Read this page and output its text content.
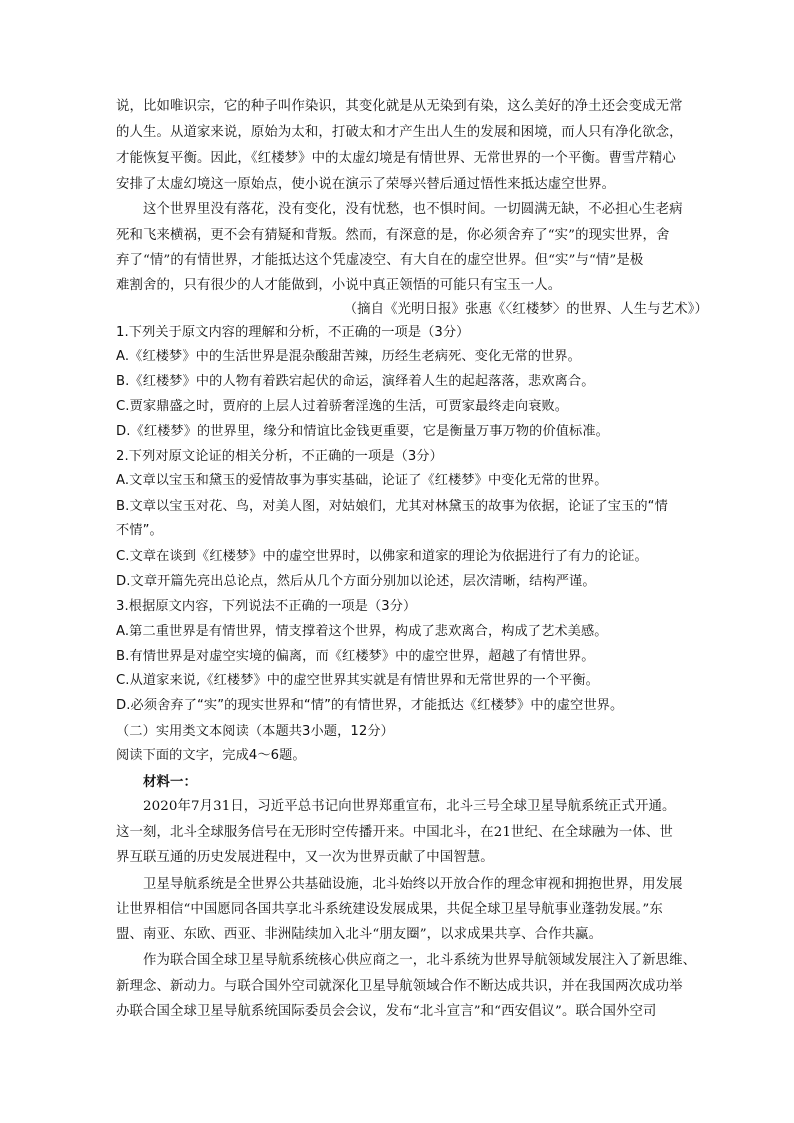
说，比如唯识宗，它的种子叫作染识，其变化就是从无染到有染，这么美好的净土还会变成无常
的人生。从道家来说，原始为太和，打破太和才产生出人生的发展和困境，而人只有净化欲念，
才能恢复平衡。因此，《红楼梦》中的太虚幻境是有情世界、无常世界的一个平衡。曹雪芹精心
安排了太虚幻境这一原始点，使小说在演示了荣辱兴替后通过悟性来抵达虚空世界。
这个世界里没有落花，没有变化，没有忧愁，也不惧时间。一切圆满无缺，不必担心生老病
死和飞来横祸，更不会有猜疑和背叛。然而，有深意的是，你必须舍弃了“实”的现实世界，舍
弃了“情”的有情世界，才能抵达这个凭虚凌空、有大自在的虚空世界。但“实”与“情”是极
难割舍的，只有很少的人才能做到，小说中真正领悟的可能只有宝玉一人。
（摘自《光明日报》张惠《〈红楼梦〉的世界、人生与艺术》）
1.下列关于原文内容的理解和分析，不正确的一项是（3分）
A.《红楼梦》中的生活世界是混杂酸甜苦辣，历经生老病死、变化无常的世界。
B.《红楼梦》中的人物有着跌宕起伏的命运，演绎着人生的起起落落，悲欢离合。
C.贾家鼎盛之时，贾府的上层人过着骄奢淫逸的生活，可贾家最终走向衰败。
D.《红楼梦》的世界里，缘分和情谊比金钱更重要，它是衡量万事万物的价值标准。
2.下列对原文论证的相关分析，不正确的一项是（3分）
A.文章以宝玉和黛玉的爱情故事为事实基础，论证了《红楼梦》中变化无常的世界。
B.文章以宝玉对花、鸟，对美人图，对姑娘们，尤其对林黛玉的故事为依据，论证了宝玉的“情
不情”。
C.文章在谈到《红楼梦》中的虚空世界时，以佛家和道家的理论为依据进行了有力的论证。
D.文章开篇先亮出总论点，然后从几个方面分别加以论述，层次清晰，结构严谨。
3.根据原文内容，下列说法不正确的一项是（3分）
A.第二重世界是有情世界，情支撑着这个世界，构成了悲欢离合，构成了艺术美感。
B.有情世界是对虚空实境的偏离，而《红楼梦》中的虚空世界，超越了有情世界。
C.从道家来说,《红楼梦》中的虚空世界其实就是有情世界和无常世界的一个平衡。
D.必须舍弃了“实”的现实世界和“情”的有情世界，才能抵达《红楼梦》中的虚空世界。
（二）实用类文本阅读（本题共3小题，12分）
阅读下面的文字，完成4～6题。
材料一：
2020年7月31日，习近平总书记向世界郑重宣布，北斗三号全球卫星导航系统正式开通。
这一刻，北斗全球服务信号在无形时空传播开来。中国北斗，在21世纪、在全球融为一体、世
界互联互通的历史发展进程中，又一次为世界贡献了中国智慧。
卫星导航系统是全世界公共基础设施，北斗始终以开放合作的理念审视和拥抱世界，用发展
让世界相信“中国愿同各国共享北斗系统建设发展成果，共促全球卫星导航事业蓬勃发展。”东
盟、南亚、东欧、西亚、非洲陆续加入北斗“朋友圈”，以求成果共享、合作共赢。
作为联合国全球卫星导航系统核心供应商之一，北斗系统为世界导航领域发展注入了新思维、
新理念、新动力。与联合国外空司就深化卫星导航领域合作不断达成共识，并在我国两次成功举
办联合国全球卫星导航系统国际委员会会议，发布“北斗宣言”和“西安倡议”。联合国外空司
